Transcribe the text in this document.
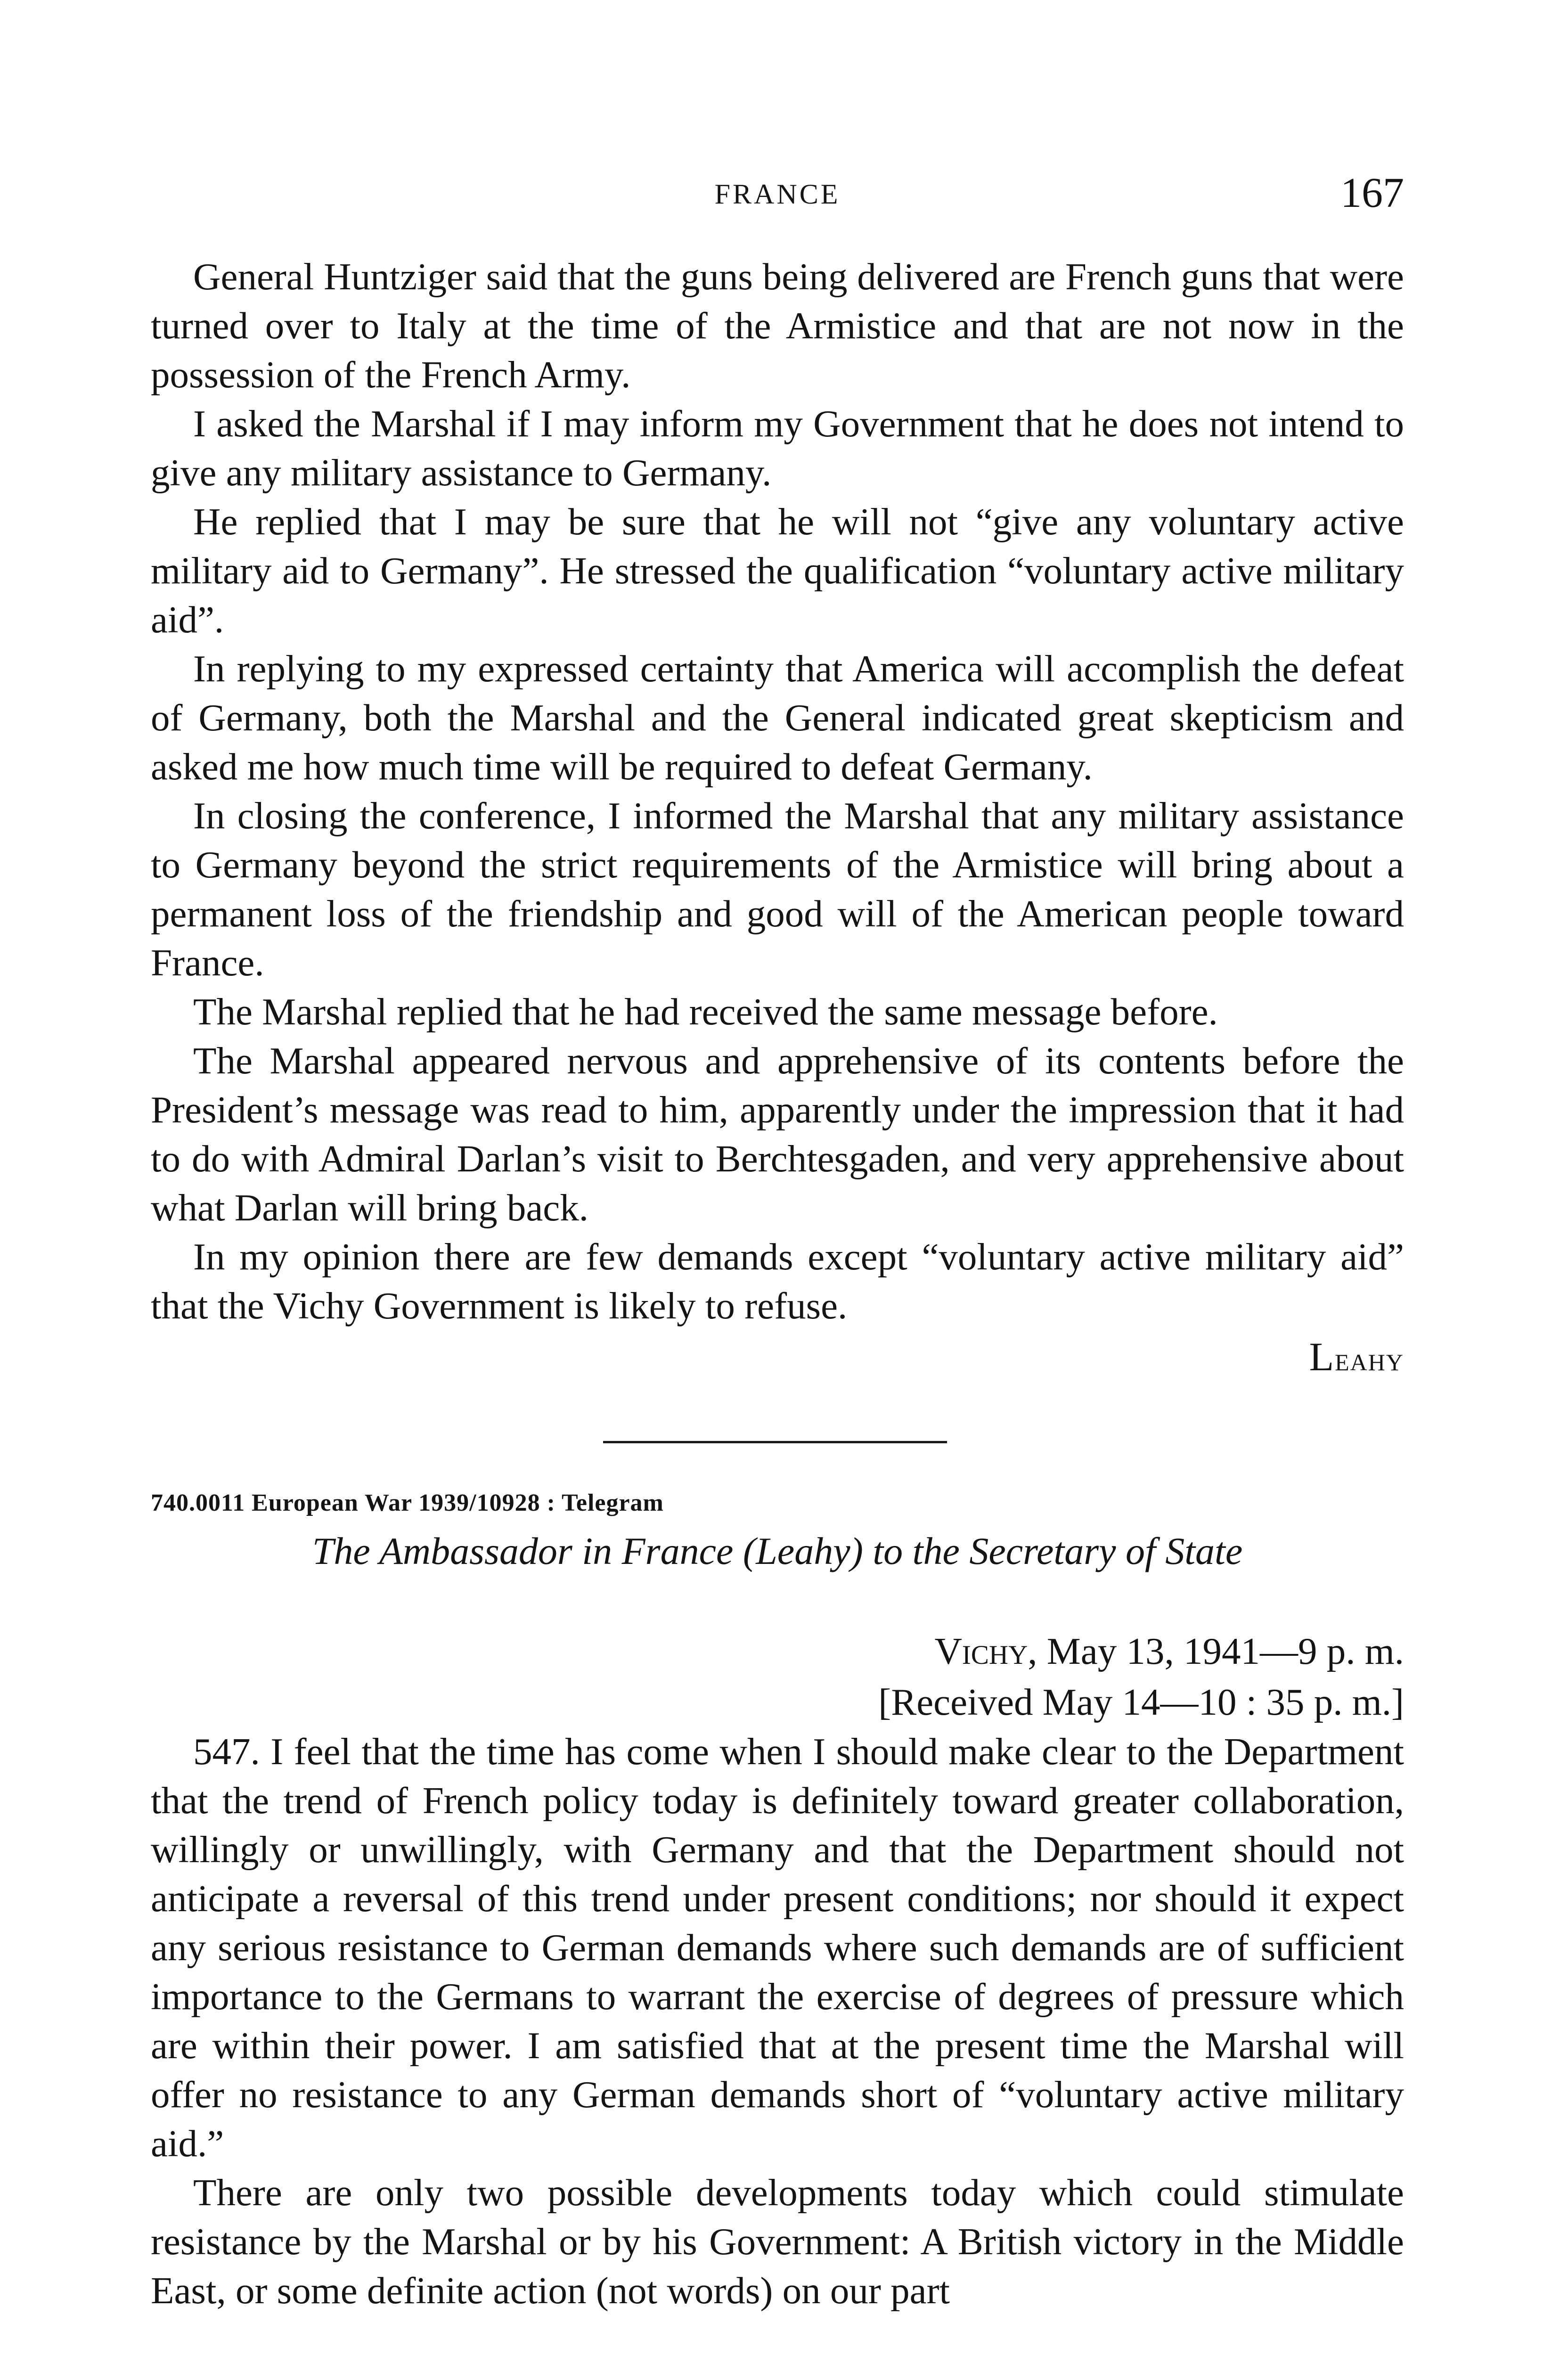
FRANCE	167

General Huntziger said that the guns being delivered are French guns that were turned over to Italy at the time of the Armistice and that are not now in the possession of the French Army.

I asked the Marshal if I may inform my Government that he does not intend to give any military assistance to Germany.

He replied that I may be sure that he will not “give any voluntary active military aid to Germany”. He stressed the qualification “voluntary active military aid”.

In replying to my expressed certainty that America will accomplish the defeat of Germany, both the Marshal and the General indicated great skepticism and asked me how much time will be required to defeat Germany.

In closing the conference, I informed the Marshal that any military assistance to Germany beyond the strict requirements of the Armistice will bring about a permanent loss of the friendship and good will of the American people toward France.

The Marshal replied that he had received the same message before.

The Marshal appeared nervous and apprehensive of its contents before the President’s message was read to him, apparently under the impression that it had to do with Admiral Darlan’s visit to Berchtesgaden, and very apprehensive about what Darlan will bring back.

In my opinion there are few demands except “voluntary active military aid” that the Vichy Government is likely to refuse.

Leahy
740.0011 European War 1939/10928 : Telegram
The Ambassador in France (Leahy) to the Secretary of State
Vichy, May 13, 1941—9 p. m.
[Received May 14—10 : 35 p. m.]

547. I feel that the time has come when I should make clear to the Department that the trend of French policy today is definitely toward greater collaboration, willingly or unwillingly, with Germany and that the Department should not anticipate a reversal of this trend under present conditions; nor should it expect any serious resistance to German demands where such demands are of sufficient importance to the Germans to warrant the exercise of degrees of pressure which are within their power. I am satisfied that at the present time the Marshal will offer no resistance to any German demands short of “voluntary active military aid.”

There are only two possible developments today which could stimulate resistance by the Marshal or by his Government: A British victory in the Middle East, or some definite action (not words) on our part
